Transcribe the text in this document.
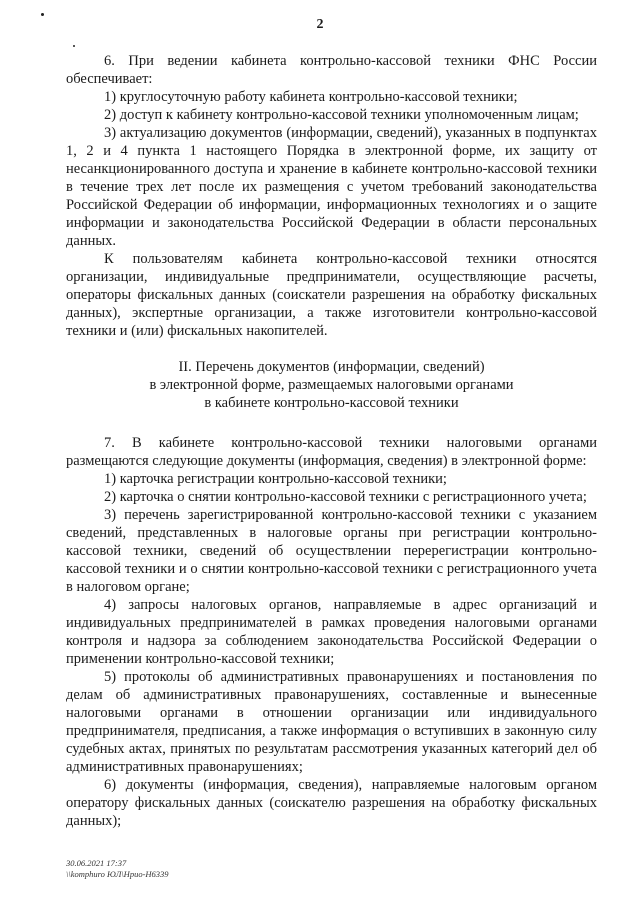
2

6. При ведении кабинета контрольно-кассовой техники ФНС России обеспечивает:

1) круглосуточную работу кабинета контрольно-кассовой техники;

2) доступ к кабинету контрольно-кассовой техники уполномоченным лицам;

3) актуализацию документов (информации, сведений), указанных в подпунктах 1, 2 и 4 пункта 1 настоящего Порядка в электронной форме, их защиту от несанкционированного доступа и хранение в кабинете контрольно-кассовой техники в течение трех лет после их размещения с учетом требований законодательства Российской Федерации об информации, информационных технологиях и о защите информации и законодательства Российской Федерации в области персональных данных.

К пользователям кабинета контрольно-кассовой техники относятся организации, индивидуальные предприниматели, осуществляющие расчеты, операторы фискальных данных (соискатели разрешения на обработку фискальных данных), экспертные организации, а также изготовители контрольно-кассовой техники и (или) фискальных накопителей.

II. Перечень документов (информации, сведений)
в электронной форме, размещаемых налоговыми органами
в кабинете контрольно-кассовой техники

7. В кабинете контрольно-кассовой техники налоговыми органами размещаются следующие документы (информация, сведения) в электронной форме:

1) карточка регистрации контрольно-кассовой техники;

2) карточка о снятии контрольно-кассовой техники с регистрационного учета;

3) перечень зарегистрированной контрольно-кассовой техники с указанием сведений, представленных в налоговые органы при регистрации контрольно-кассовой техники, сведений об осуществлении перерегистрации контрольно-кассовой техники и о снятии контрольно-кассовой техники с регистрационного учета в налоговом органе;

4) запросы налоговых органов, направляемые в адрес организаций и индивидуальных предпринимателей в рамках проведения налоговыми органами контроля и надзора за соблюдением законодательства Российской Федерации о применении контрольно-кассовой техники;

5) протоколы об административных правонарушениях и постановления по делам об административных правонарушениях, составленные и вынесенные налоговыми органами в отношении организации или индивидуального предпринимателя, предписания, а также информация о вступивших в законную силу судебных актах, принятых по результатам рассмотрения указанных категорий дел об административных правонарушениях;

6) документы (информация, сведения), направляемые налоговым органом оператору фискальных данных (соискателю разрешения на обработку фискальных данных);

30.06.2021 17:37
\\komphuro ЮЛ\Нрио-Н6339
